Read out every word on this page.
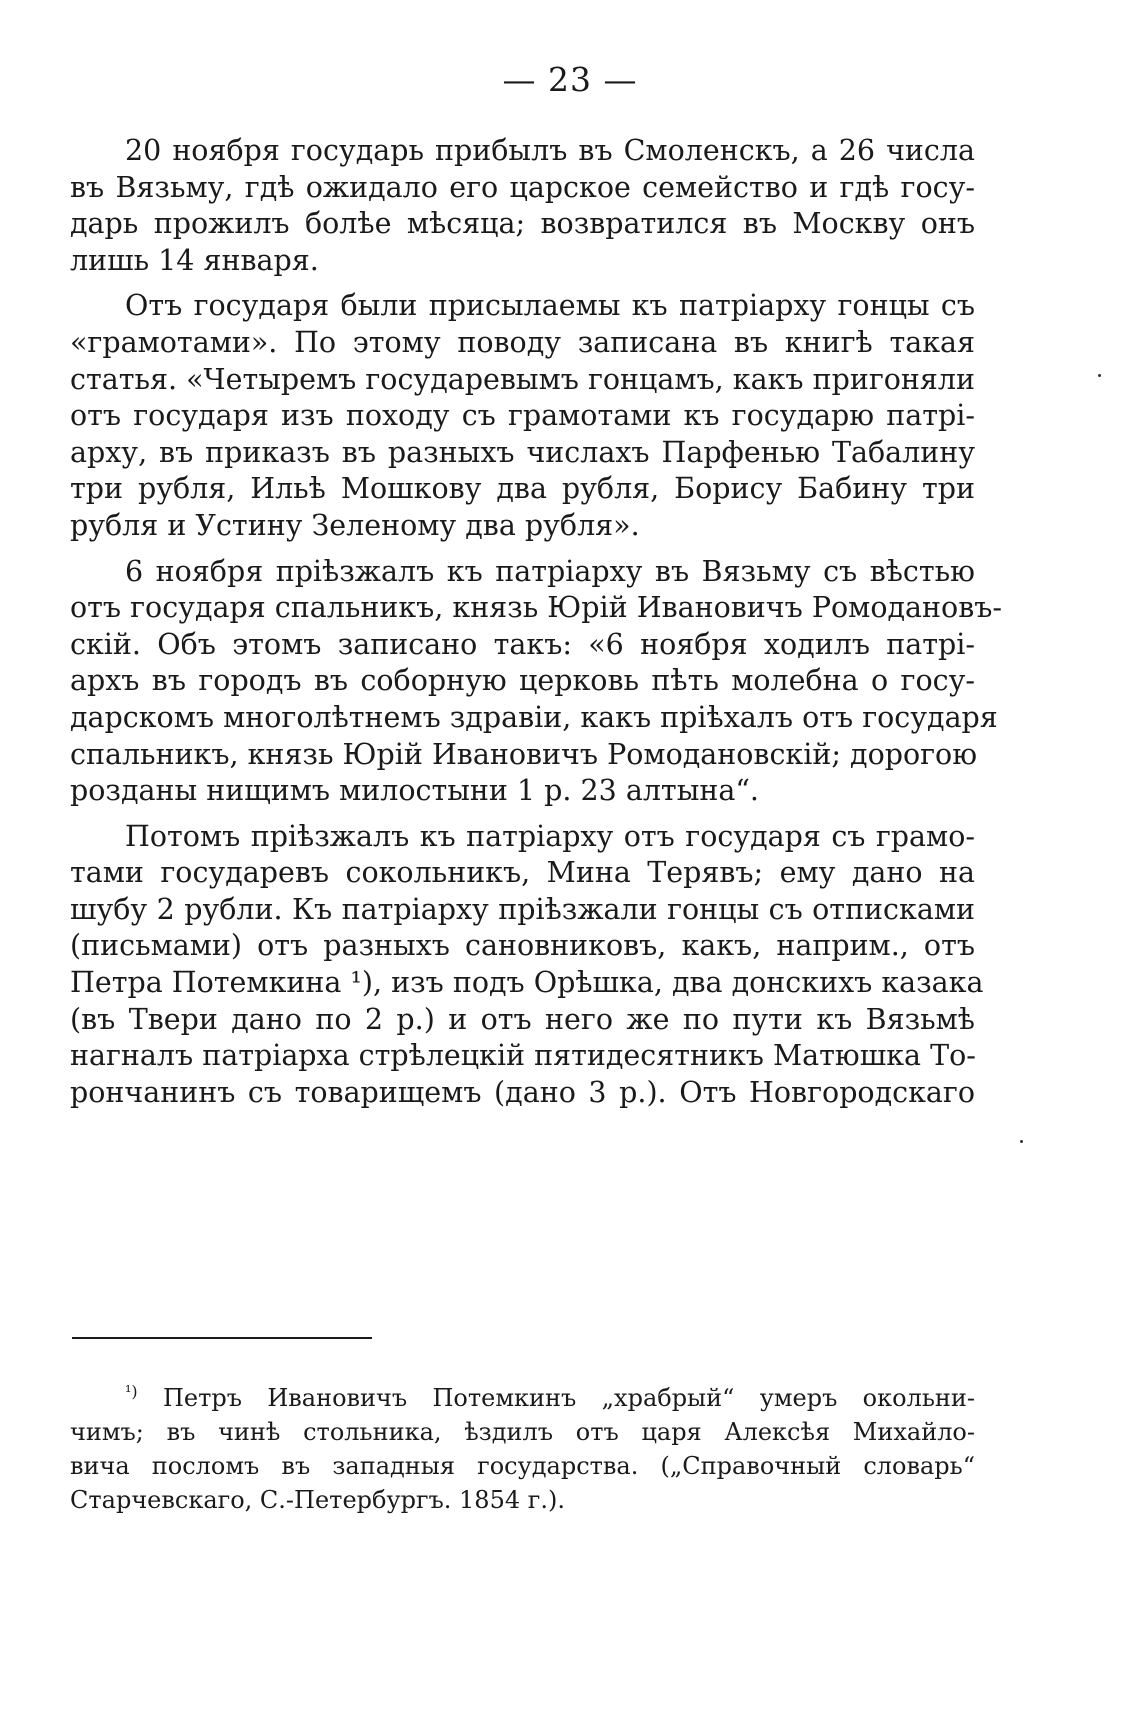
— 23 —
20 ноября государь прибылъ въ Смоленскъ, а 26 числа
въ Вязьму, гдѣ ожидало его царское семейство и гдѣ госу-
дарь прожилъ болѣе мѣсяца; возвратился въ Москву онъ
лишь 14 января.
Отъ государя были присылаемы къ патріарху гонцы съ
«грамотами». По этому поводу записана въ книгѣ такая
статья. «Четыремъ государевымъ гонцамъ, какъ пригоняли
отъ государя изъ походу съ грамотами къ государю патрі-
арху, въ приказъ въ разныхъ числахъ Парфенью Табалину
три рубля, Ильѣ Мошкову два рубля, Борису Бабину три
рубля и Устину Зеленому два рубля».
6 ноября пріѣзжалъ къ патріарху въ Вязьму съ вѣстью
отъ государя спальникъ, князь Юрій Ивановичъ Ромодановъ-
скій. Объ этомъ записано такъ: «6 ноября ходилъ патрі-
архъ въ городъ въ соборную церковь пѣть молебна о госу-
дарскомъ многолѣтнемъ здравіи, какъ пріѣхалъ отъ государя
спальникъ, князь Юрій Ивановичъ Ромодановскій; дорогою
розданы нищимъ милостыни 1 р. 23 алтына“.
Потомъ пріѣзжалъ къ патріарху отъ государя съ грамо-
тами государевъ сокольникъ, Мина Терявъ; ему дано на
шубу 2 рубли. Къ патріарху пріѣзжали гонцы съ отписками
(письмами) отъ разныхъ сановниковъ, какъ, наприм., отъ
Петра Потемкина ¹), изъ подъ Орѣшка, два донскихъ казака
(въ Твери дано по 2 р.) и отъ него же по пути къ Вязьмѣ
нагналъ патріарха стрѣлецкій пятидесятникъ Матюшка То-
рончанинъ съ товарищемъ (дано 3 р.). Отъ Новгородскаго
$^{^1)}$ Петръ Ивановичъ Потемкинъ „храбрый“ умеръ окольни-
чимъ; въ чинѣ стольника, ѣздилъ отъ царя Алексѣя Михайло-
вича посломъ въ западныя государства. („Справочный словарь“
Старчевскаго, С.-Петербургъ. 1854 г.).
